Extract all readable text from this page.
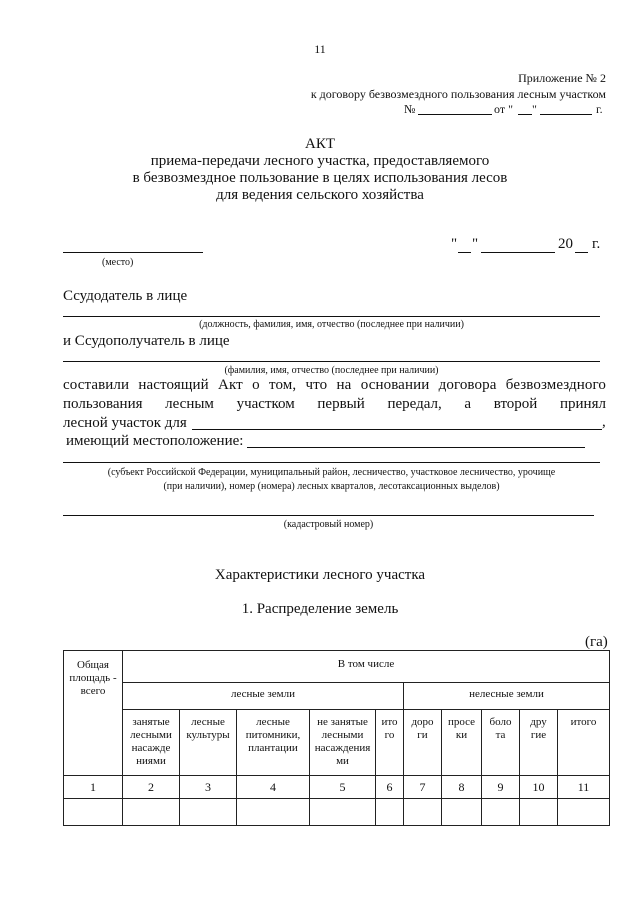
11
Приложение № 2
к договору безвозмездного пользования лесным участком
№	от " "	г.
АКТ
приема-передачи лесного участка, предоставляемого
в безвозмездное пользование в целях использования лесов
для ведения сельского хозяйства
(место)
" "	20 г.
Ссудодатель в лице
(должность, фамилия, имя, отчество (последнее при наличии)
и Ссудополучатель в лице
(фамилия, имя, отчество (последнее при наличии)
составили настоящий Акт о том, что на основании договора безвозмездного
пользования лесным участком первый передал, а второй принял
лесной участок для	,
имеющий местоположение:
(субъект Российской Федерации, муниципальный район, лесничество, участковое лесничество, урочище
(при наличии), номер (номера) лесных кварталов, лесотаксационных выделов)
(кадастровый номер)
Характеристики лесного участка
1. Распределение земель
(га)
Общая
площадь -
всего	В том числе									
	лесные земли					нелесные земли				
	занятые
лесными
насажде
ниями	лесные
культуры	лесные
питомники,
плантации	не занятые
лесными
насаждения
ми	ито
го	доро
ги	просе
ки	боло
та	дру
гие	итого
1	2	3	4	5	6	7	8	9	10	11
